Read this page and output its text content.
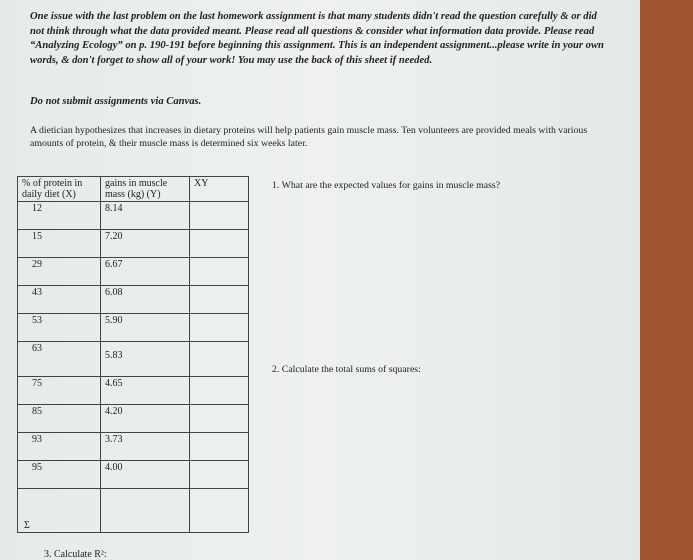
One issue with the last problem on the last homework assignment is that many students didn't read the question carefully & or did not think through what the data provided meant. Please read all questions & consider what information data provide. Please read “Analyzing Ecology” on p. 190-191 before beginning this assignment. This is an independent assignment...please write in your own words, & don't forget to show all of your work! You may use the back of this sheet if needed.
Do not submit assignments via Canvas.
A dietician hypothesizes that increases in dietary proteins will help patients gain muscle mass. Ten volunteers are provided meals with various amounts of protein, & their muscle mass is determined six weeks later.
% of protein in daily diet (X)	gains in muscle mass (kg) (Y)	XY
12	8.14	
15	7.20	
29	6.67	
43	6.08	
53	5.90	
63	5.83	
75	4.65	
85	4.20	
93	3.73	
95	4.00	
Σ		
1. What are the expected values for gains in muscle mass?
2. Calculate the total sums of squares:
3. Calculate R²:
